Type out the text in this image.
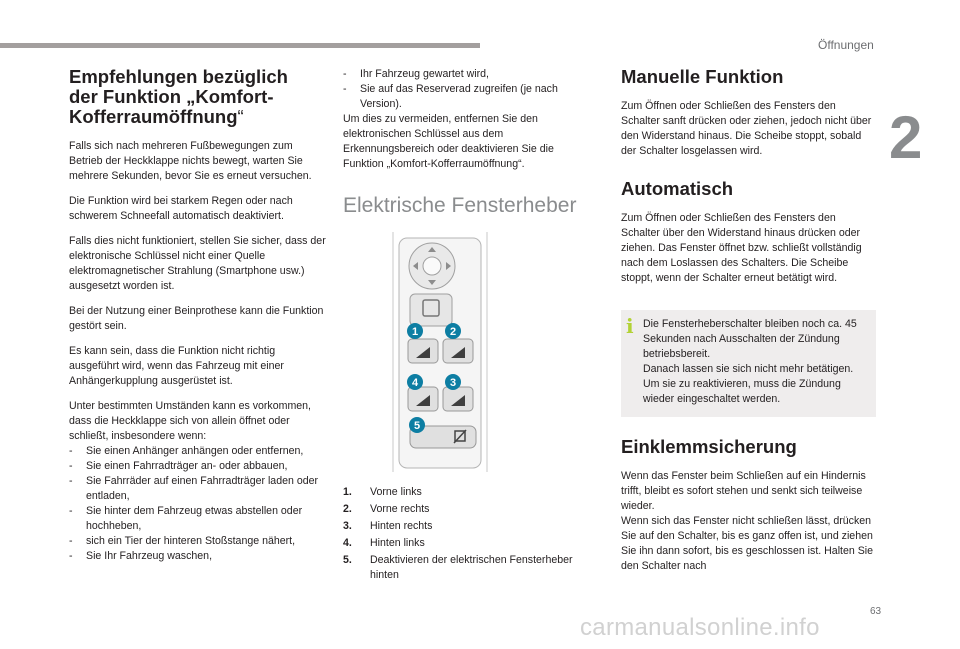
Öffnungen
2
Empfehlungen bezüglich
der Funktion „Komfort-
Kofferraumöffnung“

Falls sich nach mehreren Fußbewegungen zum Betrieb der Heckklappe nichts bewegt, warten Sie mehrere Sekunden, bevor Sie es erneut versuchen.

Die Funktion wird bei starkem Regen oder nach schwerem Schneefall automatisch deaktiviert.

Falls dies nicht funktioniert, stellen Sie sicher, dass der elektronische Schlüssel nicht einer Quelle elektromagnetischer Strahlung (Smartphone usw.) ausgesetzt worden ist.

Bei der Nutzung einer Beinprothese kann die Funktion gestört sein.

Es kann sein, dass die Funktion nicht richtig ausgeführt wird, wenn das Fahrzeug mit einer Anhängerkupplung ausgerüstet ist.

Unter bestimmten Umständen kann es vorkommen, dass die Heckklappe sich von allein öffnet oder schließt, insbesondere wenn:

-	Sie einen Anhänger anhängen oder entfernen,
-	Sie einen Fahrradträger an- oder abbauen,
-	Sie Fahrräder auf einen Fahrradträger laden oder entladen,
-	Sie hinter dem Fahrzeug etwas abstellen oder hochheben,
-	sich ein Tier der hinteren Stoßstange nähert,
-	Sie Ihr Fahrzeug waschen,
-	Ihr Fahrzeug gewartet wird,
-	Sie auf das Reserverad zugreifen (je nach Version).

Um dies zu vermeiden, entfernen Sie den elektronischen Schlüssel aus dem Erkennungsbereich oder deaktivieren Sie die Funktion „Komfort-Kofferraumöffnung“.

Elektrische Fensterheber
1	2
3
4
5
1.	Vorne links
2.	Vorne rechts
3.	Hinten rechts
4.	Hinten links
5.	Deaktivieren der elektrischen Fensterheber hinten
Manuelle Funktion

Zum Öffnen oder Schließen des Fensters den Schalter sanft drücken oder ziehen, jedoch nicht über den Widerstand hinaus. Die Scheibe stoppt, sobald der Schalter losgelassen wird.

Automatisch

Zum Öffnen oder Schließen des Fensters den Schalter über den Widerstand hinaus drücken oder ziehen. Das Fenster öffnet bzw. schließt vollständig nach dem Loslassen des Schalters. Die Scheibe stoppt, wenn der Schalter erneut betätigt wird.

i Die Fensterheberschalter bleiben noch ca. 45 Sekunden nach Ausschalten der Zündung betriebsbereit.

Danach lassen sie sich nicht mehr betätigen. Um sie zu reaktivieren, muss die Zündung wieder eingeschaltet werden.

Einklemmsicherung

Wenn das Fenster beim Schließen auf ein Hindernis trifft, bleibt es sofort stehen und senkt sich teilweise wieder.

Wenn sich das Fenster nicht schließen lässt, drücken Sie auf den Schalter, bis es ganz offen ist, und ziehen Sie ihn dann sofort, bis es geschlossen ist. Halten Sie den Schalter nach

63
carmanualsonline.info
